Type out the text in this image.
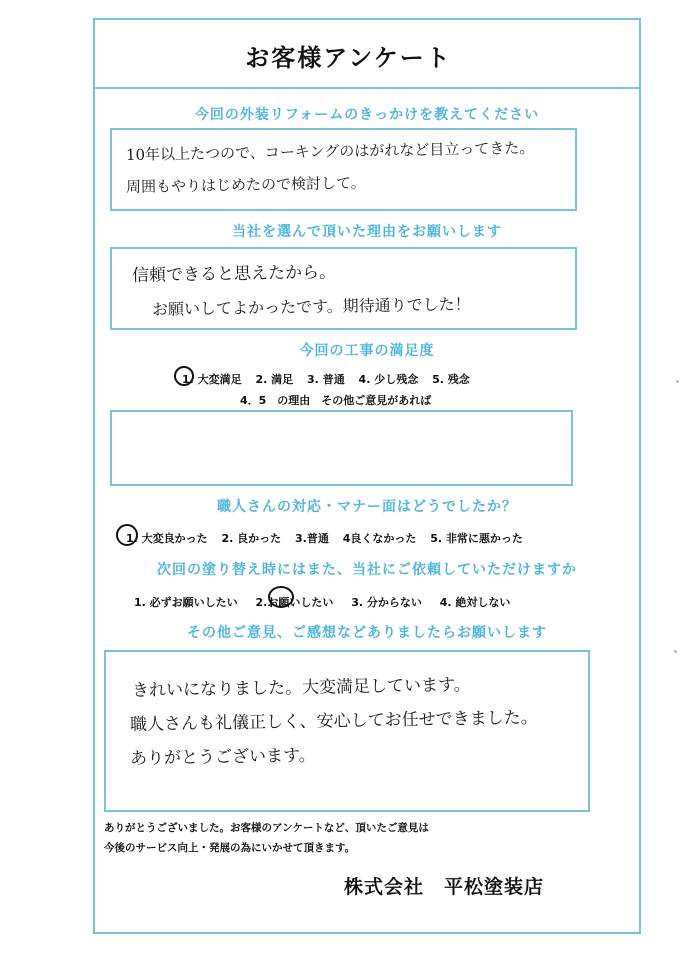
お客様アンケート
今回の外装リフォームのきっかけを教えてください
10年以上たつので、コーキングのはがれなど目立ってきた。
周囲もやりはじめたので検討して。
当社を選んで頂いた理由をお願いします
信頼できると思えたから。
お願いしてよかったです。期待通りでした！
今回の工事の満足度
1. 大変満足 2. 満足 3. 普通 4. 少し残念 5. 残念
4．5　の理由　その他ご意見があれば
職人さんの対応・マナー面はどうでしたか？
1. 大変良かった 2. 良かった 3.普通 4良くなかった 5. 非常に悪かった
次回の塗り替え時にはまた、当社にご依頼していただけますか
1. 必ずお願いしたい 2.お願いしたい 3. 分からない 4. 絶対しない
その他ご意見、ご感想などありましたらお願いします
きれいになりました。大変満足しています。
職人さんも礼儀正しく、安心してお任せできました。
ありがとうございます。
ありがとうございました。お客様のアンケートなど、頂いたご意見は
今後のサービス向上・発展の為にいかせて頂きます。
株式会社　平松塗装店
